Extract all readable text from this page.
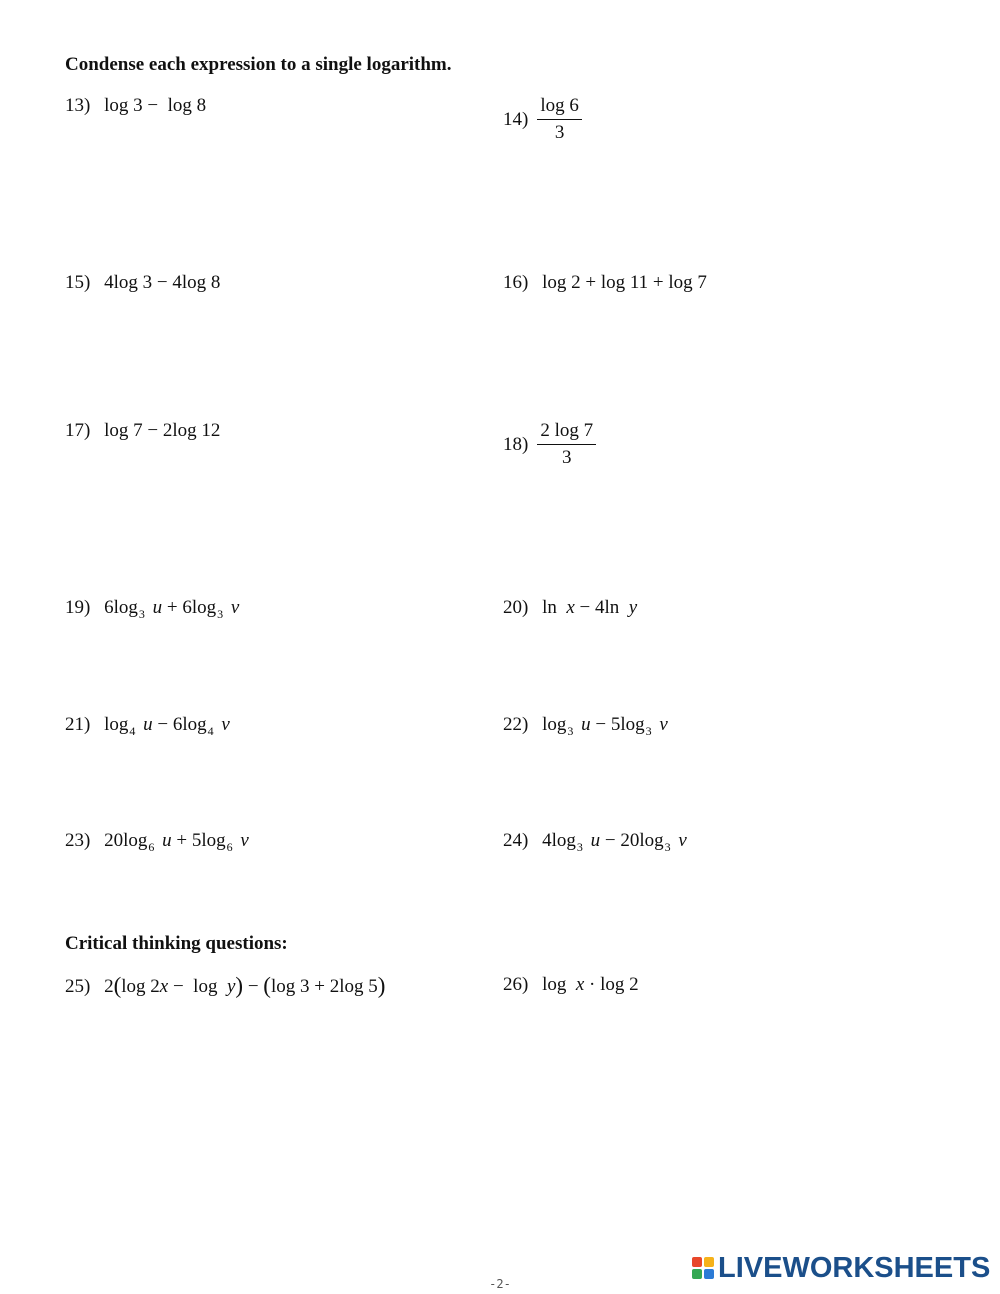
Condense each expression to a single logarithm.
13) log 3 −  log 8
$14) \frac{\log 6}{3}$
15) 4log 3 − 4log 8	16) log 2 + log 11 + log 7
17) log 7 − 2log 12
$18) \frac{2 \log 7}{3}$
19) $6\log_3$ $u + 6\log_3$ v	20) ln  x − 4ln  y
21) $\log_4 u - 6\log_4$ v	22) $\log_3 u - 5\log_3$ v
23) $20\log_6$ $u + 5\log_6$ v	24) $4\log_3$ $u - 20\log_3$ v
Critical thinking questions:
25) 2(log 2x −  log  y) − (log 3 + 2log 5)	26) log  x · log 2
LIVEWORKSHEETS
-2-
